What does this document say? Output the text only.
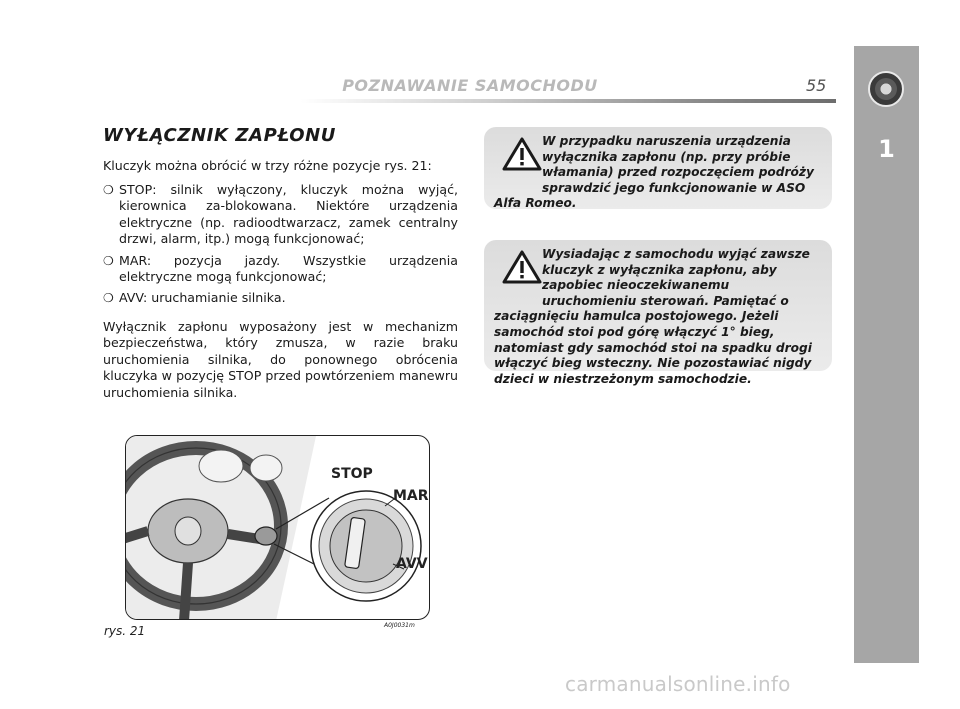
POZNAWANIE SAMOCHODU	55
1
WYŁĄCZNIK ZAPŁONU

Kluczyk można obrócić w trzy różne pozycje rys. 21:

❍ STOP: silnik wyłączony, kluczyk można wyjąć, kierownica za-blokowana. Niektóre urządzenia elektryczne (np. radioodtwarzacz, zamek centralny drzwi, alarm, itp.) mogą funkcjonować;
❍ MAR: pozycja jazdy. Wszystkie urządzenia elektryczne mogą funkcjonować;
❍ AVV: uruchamianie silnika.

Wyłącznik zapłonu wyposażony jest w mechanizm bezpieczeństwa, który zmusza, w razie braku uruchomienia silnika, do ponownego obrócenia kluczyka w pozycję STOP przed powtórzeniem manewru uruchomienia silnika.

W przypadku naruszenia urządzenia wyłącznika zapłonu (np. przy próbie włamania) przed rozpoczęciem podróży sprawdzić jego funkcjonowanie w ASO Alfa Romeo.

Wysiadając z samochodu wyjąć zawsze kluczyk z wyłącznika zapłonu, aby zapobiec nieoczekiwanemu uruchomieniu sterowań. Pamiętać o zaciągnięciu hamulca postojowego. Jeżeli samochód stoi pod górę włączyć 1° bieg, natomiast gdy samochód stoi na spadku drogi włączyć bieg wsteczny. Nie pozostawiać nigdy dzieci w niestrzeżonym samochodzie.

STOP
MAR
AVV
rys. 21	A0J0031m
carmanualsonline.info
